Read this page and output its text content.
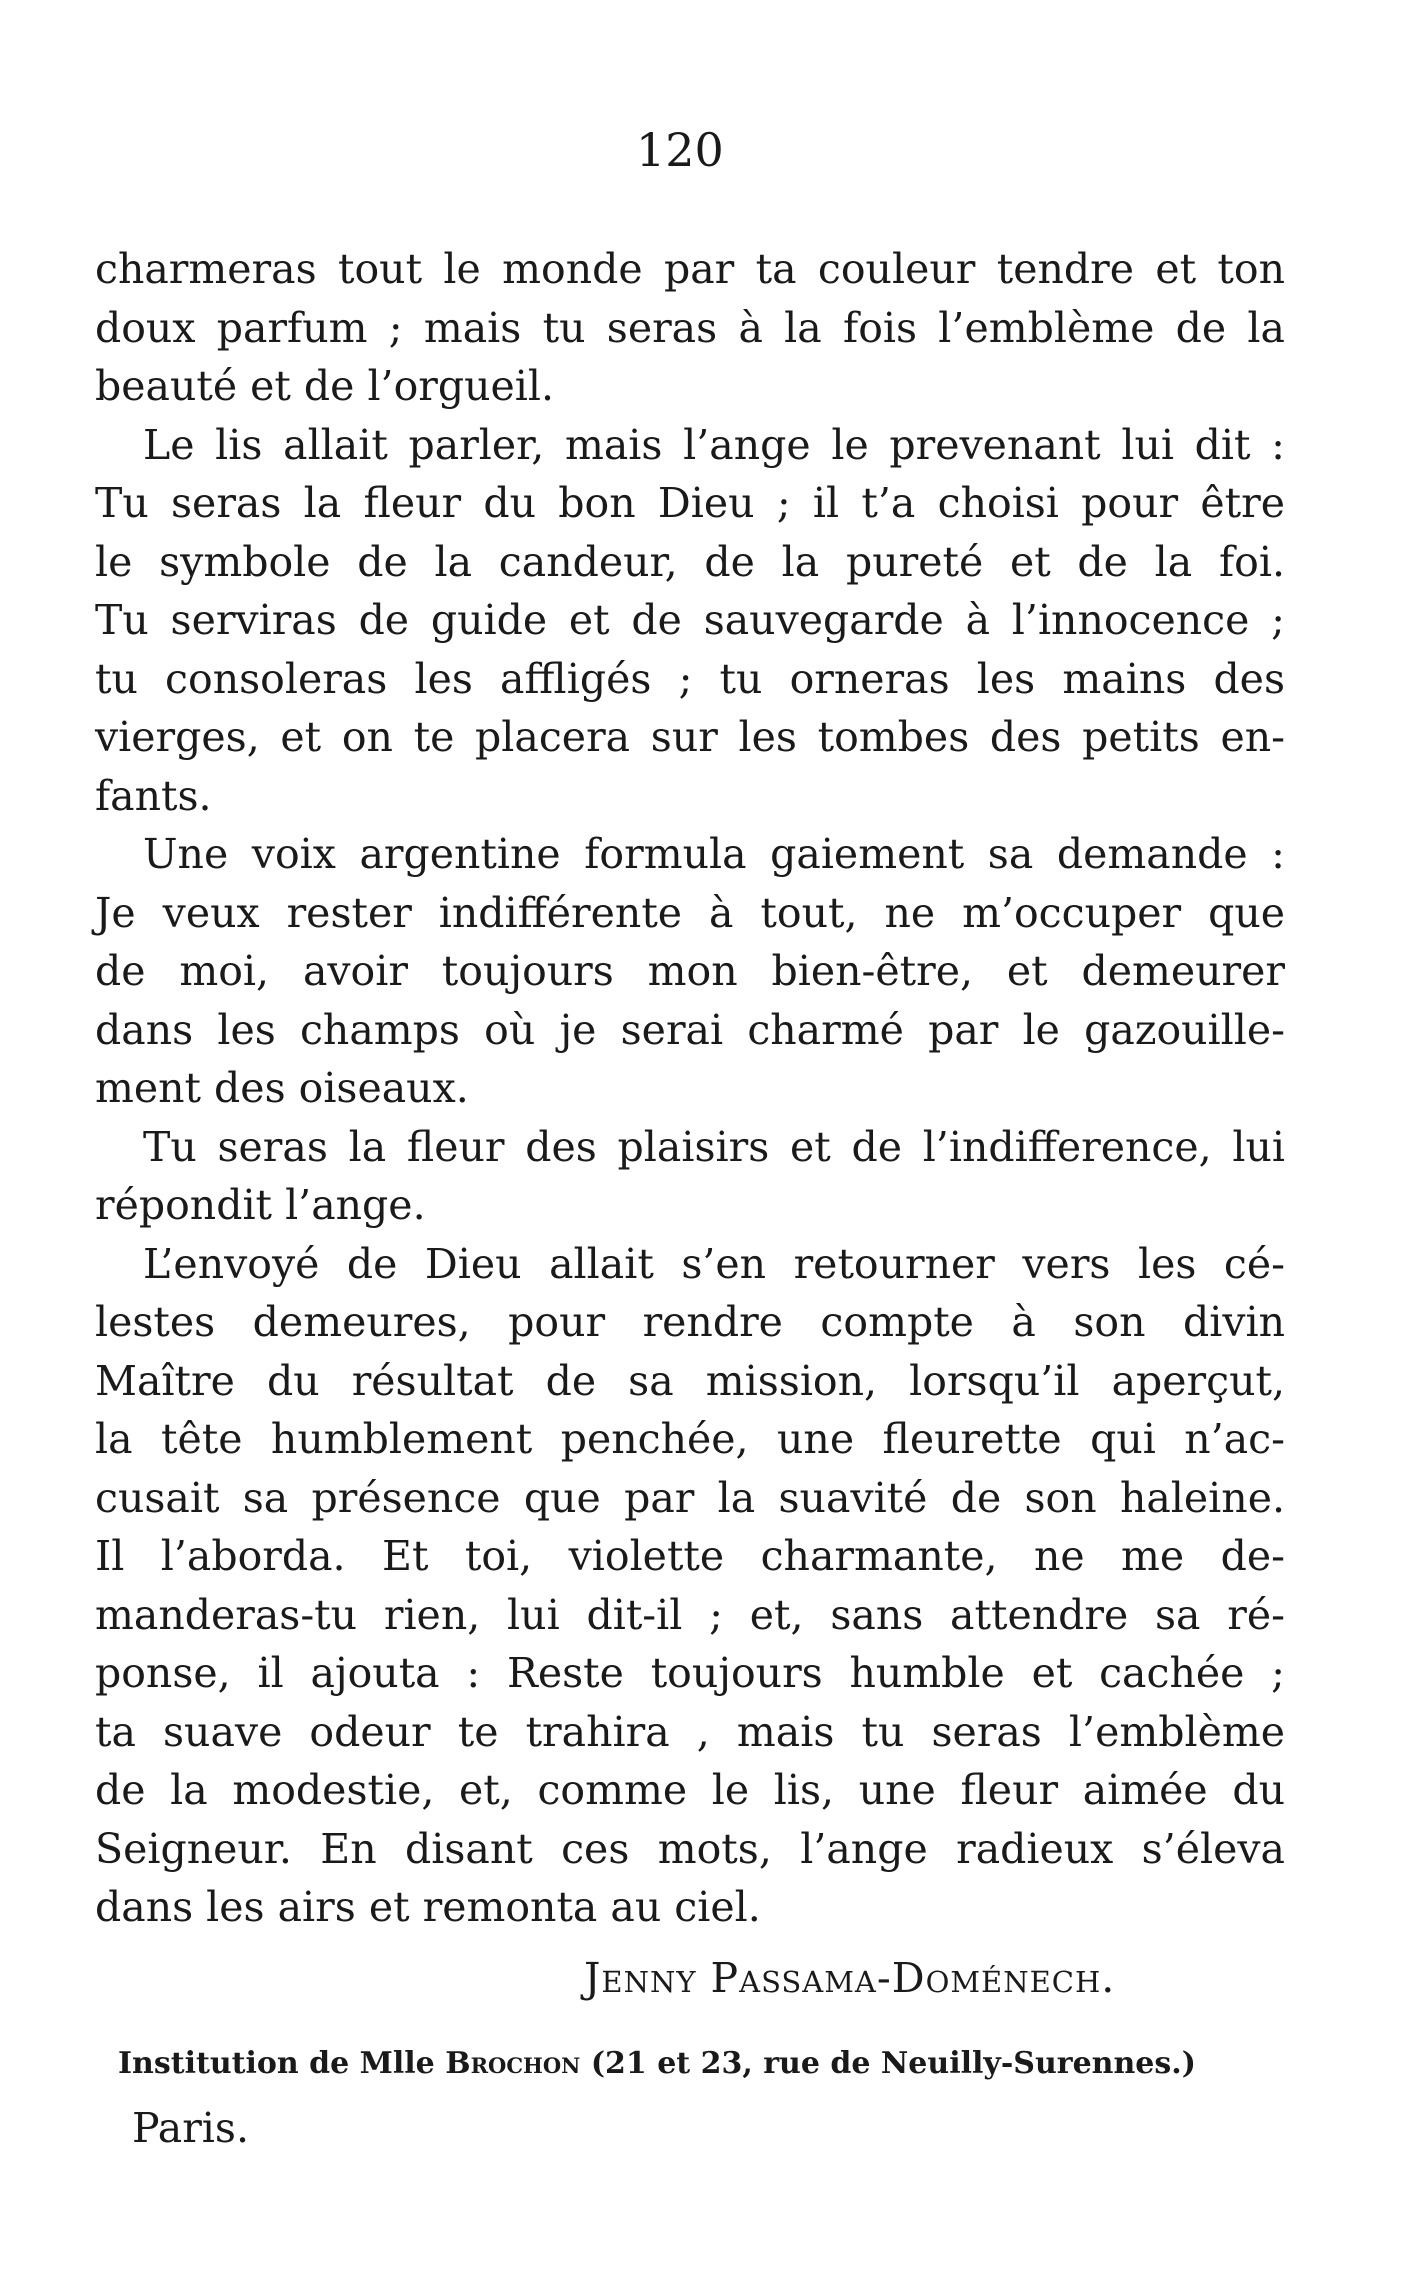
120
charmeras tout le monde par ta couleur tendre et ton
doux parfum ; mais tu seras à la fois l’emblème de la
beauté et de l’orgueil.
Le lis allait parler, mais l’ange le prevenant lui dit :
Tu seras la fleur du bon Dieu ; il t’a choisi pour être
le symbole de la candeur, de la pureté et de la foi.
Tu serviras de guide et de sauvegarde à l’innocence ;
tu consoleras les affligés ; tu orneras les mains des
vierges, et on te placera sur les tombes des petits en-
fants.
Une voix argentine formula gaiement sa demande :
Je veux rester indifférente à tout, ne m’occuper que
de moi, avoir toujours mon bien-être, et demeurer
dans les champs où je serai charmé par le gazouille-
ment des oiseaux.
Tu seras la fleur des plaisirs et de l’indifference, lui
répondit l’ange.
L’envoyé de Dieu allait s’en retourner vers les cé-
lestes demeures, pour rendre compte à son divin
Maître du résultat de sa mission, lorsqu’il aperçut,
la tête humblement penchée, une fleurette qui n’ac-
cusait sa présence que par la suavité de son haleine.
Il l’aborda. Et toi, violette charmante, ne me de-
manderas-tu rien, lui dit-il ; et, sans attendre sa ré-
ponse, il ajouta : Reste toujours humble et cachée ;
ta suave odeur te trahira , mais tu seras l’emblème
de la modestie, et, comme le lis, une fleur aimée du
Seigneur. En disant ces mots, l’ange radieux s’éleva
dans les airs et remonta au ciel.
Jenny Passama-Doménech.
Institution de Mlle Brochon (21 et 23, rue de Neuilly-Surennes.)
Paris.
